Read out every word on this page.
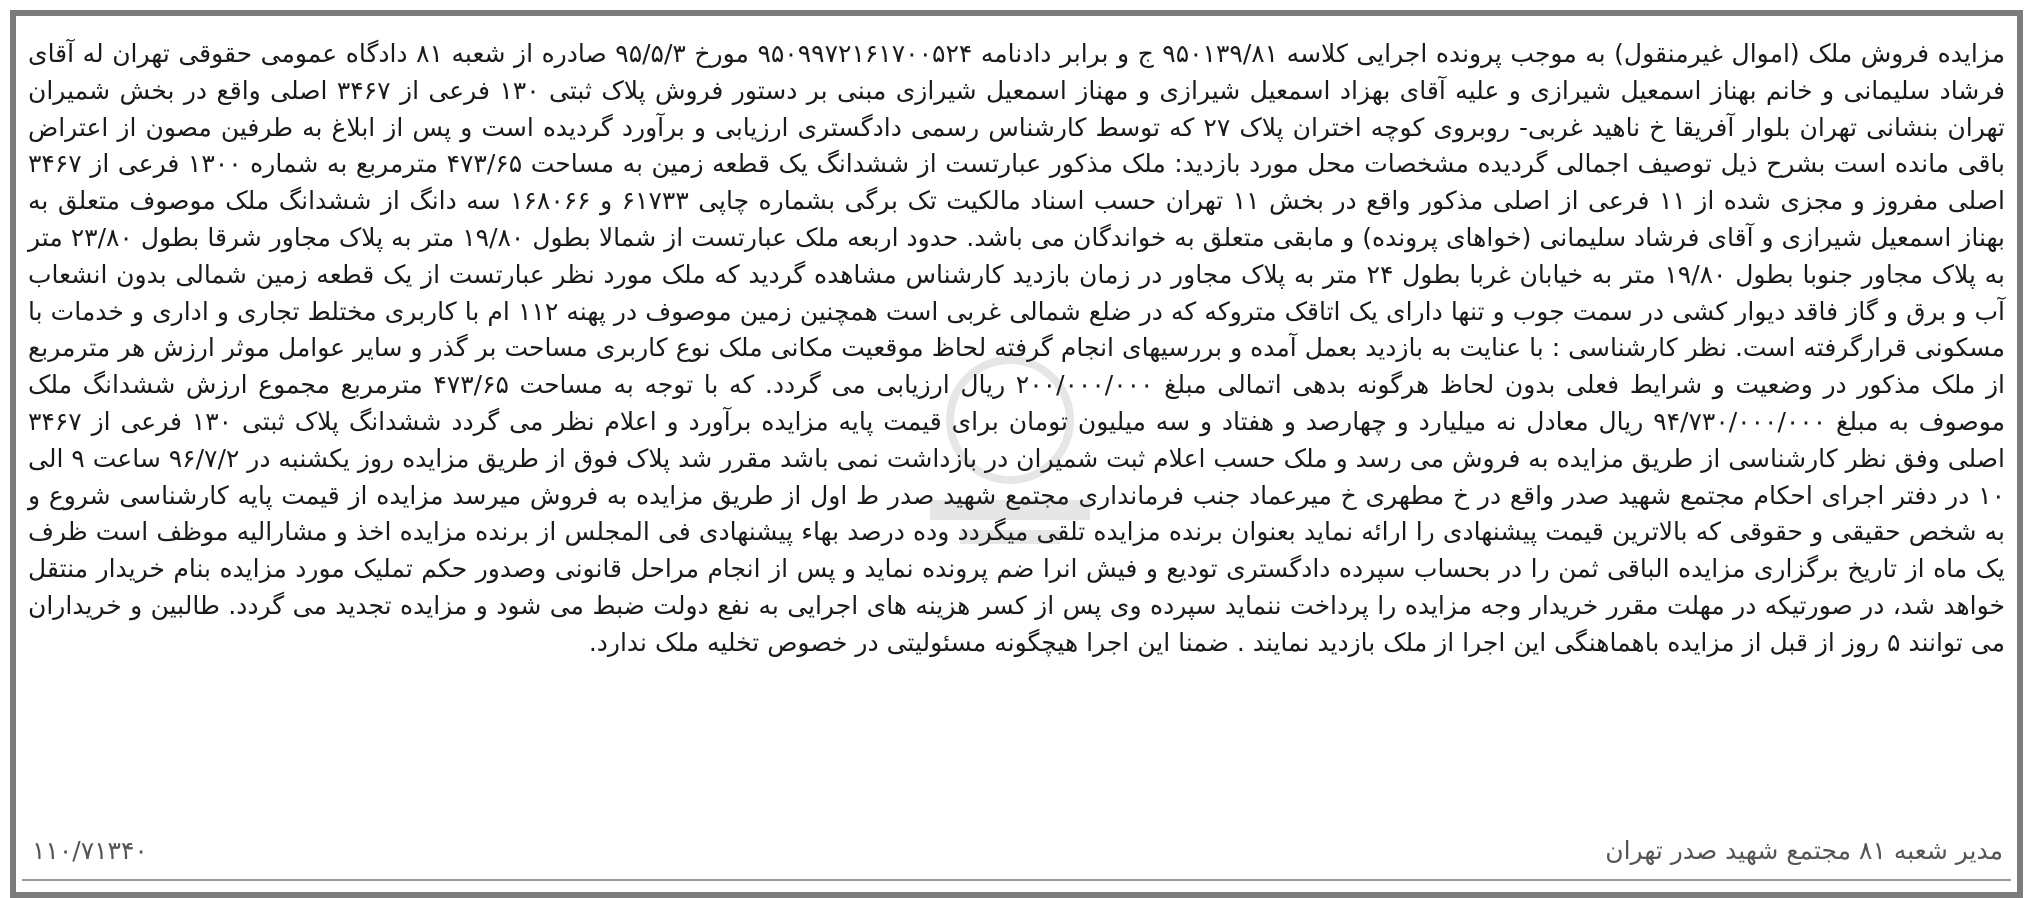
مزایده فروش ملک (اموال غیرمنقول) به موجب پرونده اجرایی کلاسه ۹۵۰۱۳۹/۸۱ ج و برابر دادنامه ۹۵۰۹۹۷۲۱۶۱۷۰۰۵۲۴ مورخ ۹۵/۵/۳ صادره از شعبه ۸۱ دادگاه عمومی حقوقی تهران له آقای فرشاد سلیمانی و خانم بهناز اسمعیل شیرازی و علیه آقای بهزاد اسمعیل شیرازی و مهناز اسمعیل شیرازی مبنی بر دستور فروش پلاک ثبتی ۱۳۰ فرعی از ۳۴۶۷ اصلی واقع در بخش شمیران تهران بنشانی تهران بلوار آفریقا خ ناهید غربی- روبروی کوچه اختران پلاک ۲۷ که توسط کارشناس رسمی دادگستری ارزیابی و برآورد گردیده است و پس از ابلاغ به طرفین مصون از اعتراض باقی مانده است بشرح ذیل توصیف اجمالی گردیده مشخصات محل مورد بازدید: ملک مذکور عبارتست از ششدانگ یک قطعه زمین به مساحت ۴۷۳/۶۵ مترمربع به شماره ۱۳۰۰ فرعی از ۳۴۶۷ اصلی مفروز و مجزی شده از ۱۱ فرعی از اصلی مذکور واقع در بخش ۱۱ تهران حسب اسناد مالکیت تک برگی بشماره چاپی ۶۱۷۳۳ و ۱۶۸۰۶۶ سه دانگ از ششدانگ ملک موصوف متعلق به بهناز اسمعیل شیرازی و آقای فرشاد سلیمانی (خواهای پرونده) و مابقی متعلق به خواندگان می باشد. حدود اربعه ملک عبارتست از شمالا بطول ۱۹/۸۰ متر به پلاک مجاور شرقا بطول ۲۳/۸۰ متر به پلاک مجاور جنوبا بطول ۱۹/۸۰ متر به خیابان غربا بطول ۲۴ متر به پلاک مجاور در زمان بازدید کارشناس مشاهده گردید که ملک مورد نظر عبارتست از یک قطعه زمین شمالی بدون انشعاب آب و برق و گاز فاقد دیوار کشی در سمت جوب و تنها دارای یک اتاقک متروکه که در ضلع شمالی غربی است همچنین زمین موصوف در پهنه ۱۱۲ ام با کاربری مختلط تجاری و اداری و خدمات با مسکونی قرارگرفته است. نظر کارشناسی : با عنایت به بازدید بعمل آمده و بررسیهای انجام گرفته لحاظ موقعیت مکانی ملک نوع کاربری مساحت بر گذر و سایر عوامل موثر ارزش هر مترمربع از ملک مذکور در وضعیت و شرایط فعلی بدون لحاظ هرگونه بدهی اتمالی مبلغ ۲۰۰/۰۰۰/۰۰۰ ریال ارزیابی می گردد. که با توجه به مساحت ۴۷۳/۶۵ مترمربع مجموع ارزش ششدانگ ملک موصوف به مبلغ ۹۴/۷۳۰/۰۰۰/۰۰۰ ریال معادل نه میلیارد و چهارصد و هفتاد و سه میلیون تومان برای قیمت پایه مزایده برآورد و اعلام نظر می گردد ششدانگ پلاک ثبتی ۱۳۰ فرعی از ۳۴۶۷ اصلی وفق نظر کارشناسی از طریق مزایده به فروش می رسد و ملک حسب اعلام ثبت شمیران در بازداشت نمی باشد مقرر شد پلاک فوق از طریق مزایده روز یکشنبه در ۹۶/۷/۲ ساعت ۹ الی ۱۰ در دفتر اجرای احکام مجتمع شهید صدر واقع در خ مطهری خ میرعماد جنب فرمانداری مجتمع شهید صدر ط اول از طریق مزایده به فروش میرسد مزایده از قیمت پایه کارشناسی شروع و به شخص حقیقی و حقوقی که بالاترین قیمت پیشنهادی را ارائه نماید بعنوان برنده مزایده تلقی میگردد وده درصد بهاء پیشنهادی فی المجلس از برنده مزایده اخذ و مشارالیه موظف است ظرف یک ماه از تاریخ برگزاری مزایده الباقی ثمن را در بحساب سپرده دادگستری تودیع و فیش انرا ضم پرونده نماید و پس از انجام مراحل قانونی وصدور حکم تملیک مورد مزایده بنام خریدار منتقل خواهد شد، در صورتیکه در مهلت مقرر خریدار وجه مزایده را پرداخت ننماید سپرده وی پس از کسر هزینه های اجرایی به نفع دولت ضبط می شود و مزایده تجدید می گردد. طالبین و خریداران می توانند ۵ روز از قبل از مزایده باهماهنگی این اجرا از ملک بازدید نمایند . ضمنا این اجرا هیچگونه مسئولیتی در خصوص تخلیه ملک ندارد.
مدیر شعبه ۸۱ مجتمع شهید صدر تهران
۱۱۰/۷۱۳۴۰
